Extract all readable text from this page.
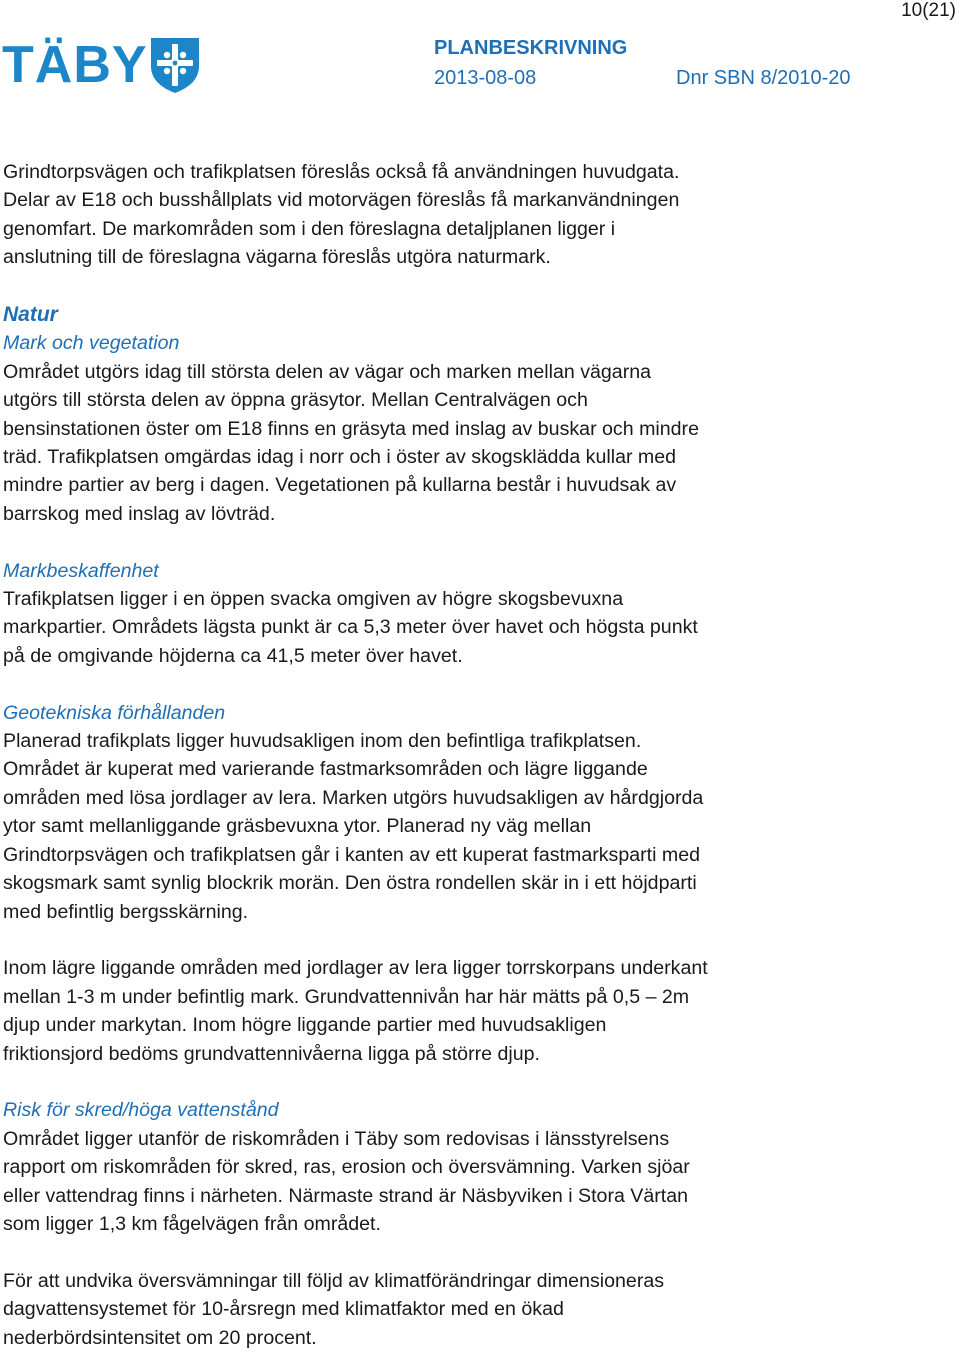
10(21)
TÄBY	PLANBESKRIVNING
2013-08-08	Dnr SBN 8/2010-20

Grindtorpsvägen och trafikplatsen föreslås också få användningen huvudgata.
Delar av E18 och busshållplats vid motorvägen föreslås få markanvändningen
genomfart. De markområden som i den föreslagna detaljplanen ligger i
anslutning till de föreslagna vägarna föreslås utgöra naturmark.

Natur
Mark och vegetation

Området utgörs idag till största delen av vägar och marken mellan vägarna
utgörs till största delen av öppna gräsytor. Mellan Centralvägen och
bensinstationen öster om E18 finns en gräsyta med inslag av buskar och mindre
träd. Trafikplatsen omgärdas idag i norr och i öster av skogsklädda kullar med
mindre partier av berg i dagen. Vegetationen på kullarna består i huvudsak av
barrskog med inslag av lövträd.

Markbeskaffenhet

Trafikplatsen ligger i en öppen svacka omgiven av högre skogsbevuxna
markpartier. Områdets lägsta punkt är ca 5,3 meter över havet och högsta punkt
på de omgivande höjderna ca 41,5 meter över havet.

Geotekniska förhållanden

Planerad trafikplats ligger huvudsakligen inom den befintliga trafikplatsen.
Området är kuperat med varierande fastmarksområden och lägre liggande
områden med lösa jordlager av lera. Marken utgörs huvudsakligen av hårdgjorda
ytor samt mellanliggande gräsbevuxna ytor. Planerad ny väg mellan
Grindtorpsvägen och trafikplatsen går i kanten av ett kuperat fastmarksparti med
skogsmark samt synlig blockrik morän. Den östra rondellen skär in i ett höjdparti
med befintlig bergsskärning.

Inom lägre liggande områden med jordlager av lera ligger torrskorpans underkant
mellan 1-3 m under befintlig mark. Grundvattennivån har här mätts på 0,5 – 2m
djup under markytan. Inom högre liggande partier med huvudsakligen
friktionsjord bedöms grundvattennivåerna ligga på större djup.

Risk för skred/höga vattenstånd

Området ligger utanför de riskområden i Täby som redovisas i länsstyrelsens
rapport om riskområden för skred, ras, erosion och översvämning. Varken sjöar
eller vattendrag finns i närheten. Närmaste strand är Näsbyviken i Stora Värtan
som ligger 1,3 km fågelvägen från området.

För att undvika översvämningar till följd av klimatförändringar dimensioneras
dagvattensystemet för 10-årsregn med klimatfaktor med en ökad
nederbördsintensitet om 20 procent.
